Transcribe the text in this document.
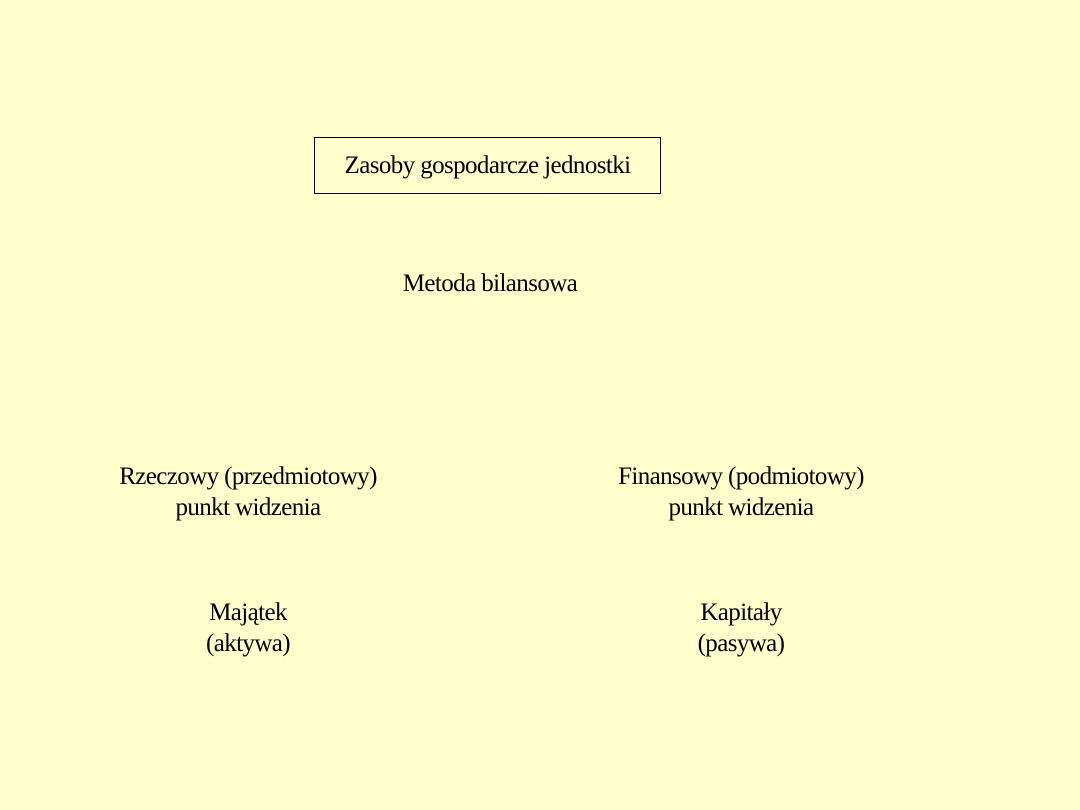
Zasoby gospodarcze jednostki
Metoda bilansowa
Rzeczowy (przedmiotowy)
punkt widzenia
Finansowy (podmiotowy)
punkt widzenia
Majątek
(aktywa)
Kapitały
(pasywa)
